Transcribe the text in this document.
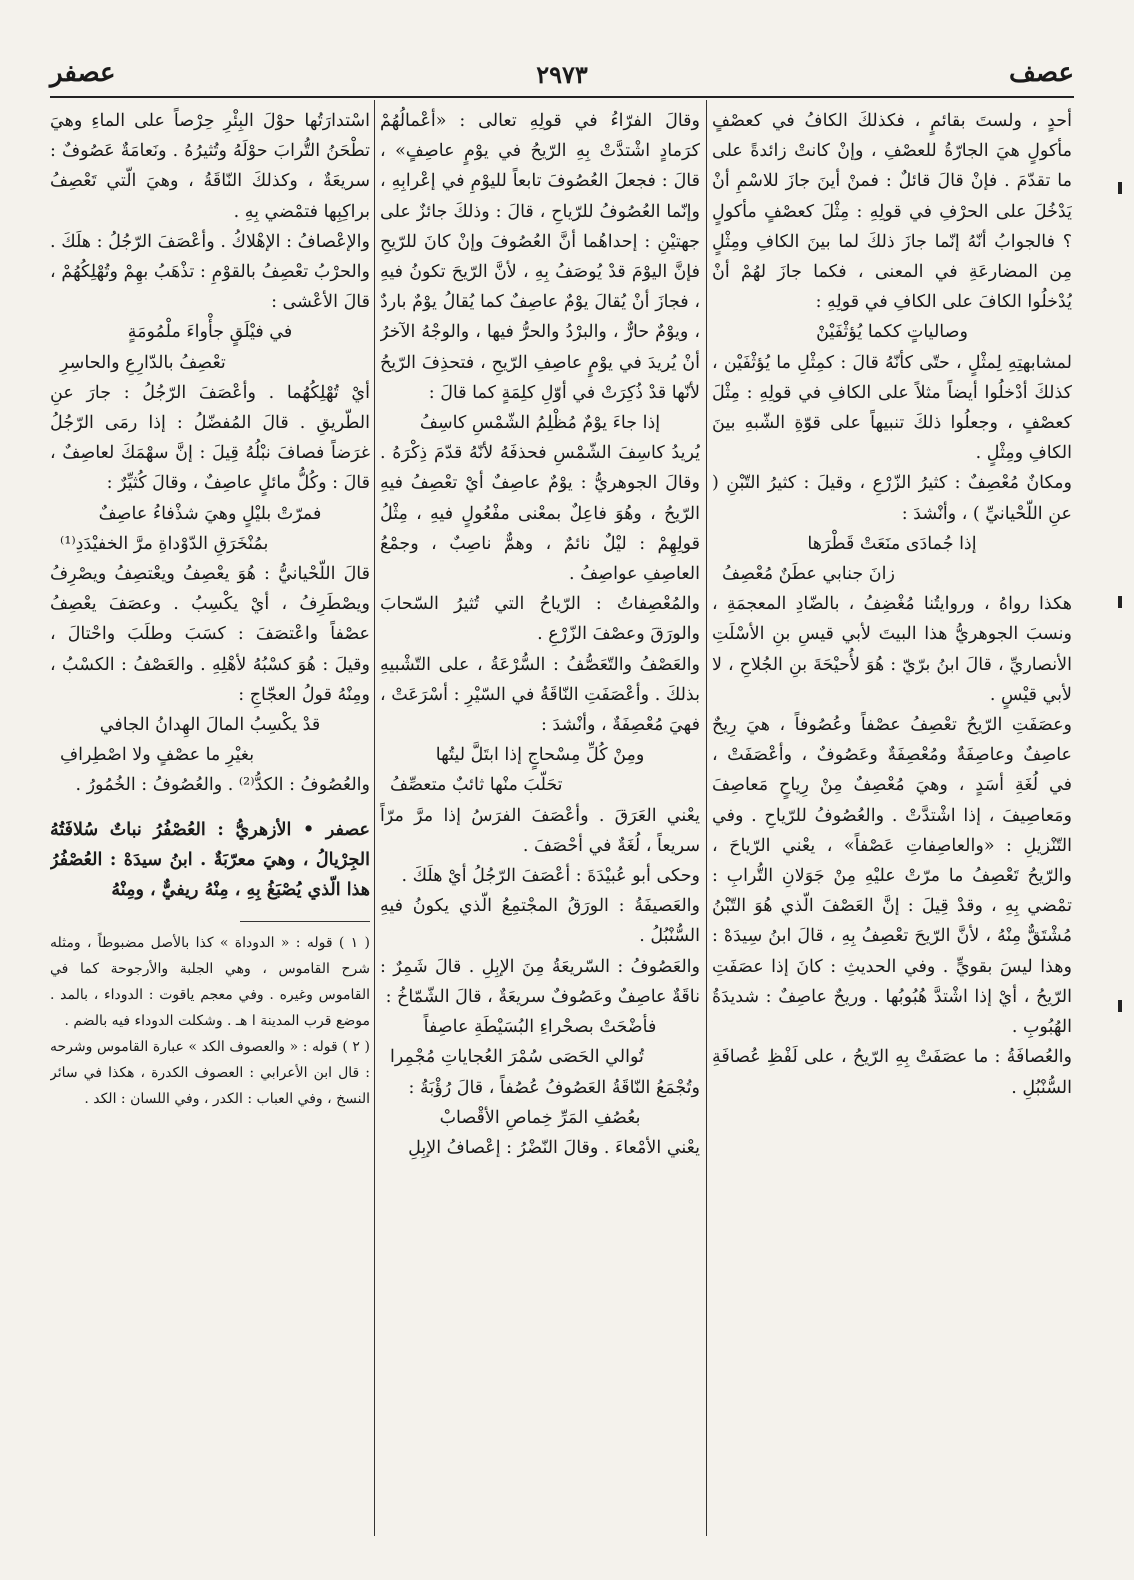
عصف
٢٩٧٣
عصفر

أحدٍ ، ولستَ بقائمٍ ، فكذلكَ الكافُ في كعصْفٍ مأكولٍ هيَ الجارّةُ للعصْفِ ، وإنْ كانتْ زائدةً على ما تقدّمَ . فإنْ قالَ قائلٌ : فمنْ أينَ جازَ للاسْمِ أنْ يَدْخُلَ على الحرْفِ في قولِهِ : مِثْلَ كعصْفٍ مأكولٍ ؟ فالجوابُ أنّهُ إنّما جازَ ذلكَ لما بينَ الكافِ ومِثْلٍ مِن المضارعَةِ في المعنى ، فكما جازَ لهُمْ أنْ يُدْخلُوا الكافَ على الكافِ في قولِهِ :

وصالياتٍ ككما يُؤثْفَيْنْ

لمشابهتِهِ لِمثْلٍ ، حتّى كأنّهُ قالَ : كمِثْلِ ما يُؤثْفَيْن ، كذلكَ أدْخلُوا أيضاً مثلاً على الكافِ في قولِهِ : مِثْلَ كعصْفٍ ، وجعلُوا ذلكَ تنبيهاً على قوّةِ الشّبهِ بينَ الكافِ ومِثْلٍ .

ومكانٌ مُعْصِفٌ : كثيرُ الزّرْعِ ، وقيلَ : كثيرُ التّبْنِ ( عنِ اللّحْيانيِّ ) ، وأنْشدَ :

إذا جُمادَى منَعَتْ قَطْرَها

زانَ جنابي عطَنٌ مُعْصِفُ

هكذا رواهُ ، وروايتُنا مُغْضِفُ ، بالضّادِ المعجمَةِ ، ونسبَ الجوهريُّ هذا البيتَ لأبي قيسِ بنِ الأسْلَتِ الأنصاريِّ ، قالَ ابنُ برّيّ : هُوَ لأُحيْحَةَ بنِ الجُلاحِ ، لا لأبي قيْسٍ .

وعصَفَتِ الرّيحُ تعْصِفُ عصْفاً وعُصُوفاً ، هيَ رِيحٌ عاصِفٌ وعاصِفَةٌ ومُعْصِفَةٌ وعَصُوفٌ ، وأعْصَفَتْ ، في لُغَةِ أسَدٍ ، وهيَ مُعْصِفٌ مِنْ رِياحٍ مَعاصِفَ ومَعاصِيفَ ، إذا اشْتدَّتْ . والعُصُوفُ للرّياحِ . وفي التّنْزيلِ : «والعاصِفاتِ عَصْفاً» ، يعْني الرّياحَ ، والرّيحُ تَعْصِفُ ما مرّتْ عليْهِ مِنْ جَوَلانِ التُّرابِ : تمْضي بِهِ ، وقدْ قِيلَ : إنَّ العَصْفَ الّذي هُوَ التّبْنُ مُشْتَقٌّ مِنْهُ ، لأنَّ الرّيحَ تعْصِفُ بِهِ ، قالَ ابنُ سِيدَهْ : وهذا ليسَ بقويٍّ . وفي الحديثِ : كانَ إذا عصَفَتِ الرّيحُ ، أيْ إذا اشْتدَّ هُبُوبُها . وريحٌ عاصِفٌ : شديدَةُ الهُبُوبِ .

والعُصافَةُ : ما عصَفَتْ بِهِ الرّيحُ ، على لَفْظِ عُصافَةِ السُّنْبُلِ .

وقالَ الفرّاءُ في قولِهِ تعالى : «أعْمالُهُمْ كرَمادٍ اشْتدَّتْ بِهِ الرّيحُ في يوْمٍ عاصِفٍ» ، قالَ : فجعلَ العُصُوفَ تابعاً لليوْمِ في إعْرابِهِ ، وإنّما العُصُوفُ للرّياحِ ، قالَ : وذلكَ جائزٌ على جهتيْنِ : إحداهُما أنَّ العُصُوفَ وإنْ كانَ للرّيحِ فإنَّ اليوْمَ قدْ يُوصَفُ بِهِ ، لأنَّ الرّيحَ تكونُ فيهِ ، فجازَ أنْ يُقالَ يوْمٌ عاصِفٌ كما يُقالُ يوْمٌ باردٌ ، ويوْمٌ حارٌّ ، والبرْدُ والحرُّ فيها ، والوجْهُ الآخرُ أنْ يُريدَ في يوْمٍ عاصِفِ الرّيحِ ، فتحذِفَ الرّيحُ لأنّها قدْ ذُكِرَتْ في أوّلِ كلِمَةٍ كما قالَ :

إذا جاءَ يوْمٌ مُظْلِمُ الشّمْسِ كاسِفُ

يُريدُ كاسِفَ الشّمْسِ فحذفَهُ لأنّهُ قدّمَ ذِكْرَهُ . وقالَ الجوهريُّ : يوْمٌ عاصِفٌ أيْ تعْصِفُ فيهِ الرّيحُ ، وهُوَ فاعِلٌ بمعْنى مفْعُولٍ فيهِ ، مِثْلُ قولِهِمْ : ليْلٌ نائمٌ ، وهمٌّ ناصِبٌ ، وجمْعُ العاصِفِ عواصِفُ .

والمُعْصِفاتُ : الرّياحُ التي تُثيرُ السّحابَ والورَقَ وعصْفَ الزّرْعِ .

والعَصْفُ والتّعَصُّفُ : السُّرْعَةُ ، على التّشْبيهِ بذلكَ . وأعْصَفَتِ النّاقَةُ في السّيْرِ : أسْرَعَتْ ، فهيَ مُعْصِفَةٌ ، وأنْشدَ :

ومِنْ كُلِّ مِسْحاجٍ إذا ابتَلَّ ليتُها

تحَلّبَ منْها ثائبٌ متعصِّفُ

يعْني العَرَقَ . وأعْصَفَ الفرَسُ إذا مرَّ مرّاً سريعاً ، لُغَةٌ في أحْصَفَ .

وحكى أبو عُبيْدَةَ : أعْصَفَ الرّجُلُ أيْ هلَكَ .

والعَصيفَةُ : الورَقُ المجْتمِعُ الّذي يكونُ فيهِ السُّنْبُلُ .

والعَصُوفُ : السّريعَةُ مِنَ الإبِلِ . قالَ شَمِرٌ : ناقَةٌ عاصِفٌ وعَصُوفٌ سريعَةٌ ، قالَ الشّمّاخُ :

فأضْحَتْ بصحْراءِ البُسَيْطَةِ عاصِفاً

تُوالي الحَصَى سُمْرَ العُجاياتِ مُجْمِرا

وتُجْمَعُ النّاقَةُ العَصُوفُ عُصُفاً ، قالَ رُؤْبَةُ :

بعُصُفِ المَرِّ خِماصِ الأقْصابْ

يعْني الأمْعاءَ . وقالَ النّضْرُ : إعْصافُ الإبِلِ

اسْتدارَتُها حوْلَ البِئْرِ حِرْصاً على الماءِ وهيَ تطْحَنُ التُّرابَ حوْلَهُ وتُثيرُهُ . ونَعامَةٌ عَصُوفٌ : سريعَةٌ ، وكذلكَ النّاقَةُ ، وهيَ الّتي تَعْصِفُ براكِبِها فتمْضي بِهِ .

والإعْصافُ : الإهْلاكُ . وأعْصَفَ الرّجُلُ : هلَكَ . والحرْبُ تعْصِفُ بالقوْمِ : تذْهَبُ بهِمْ وتُهْلِكُهُمْ ، قالَ الأعْشى :

في فيْلَقٍ جأْواءَ ملْمُومَةٍ

تعْصِفُ بالدّارِعِ والحاسِرِ

أيْ تُهْلِكُهُما . وأعْصَفَ الرّجُلُ : جارَ عنِ الطّريقِ . قالَ المُفضّلُ : إذا رمَى الرّجُلُ غرَضاً فصافَ نبْلُهُ قِيلَ : إنَّ سهْمَكَ لعاصِفٌ ، قالَ : وكُلُّ مائلٍ عاصِفٌ ، وقالَ كُثيِّرٌ :

فمرّتْ بليْلٍ وهيَ شذْفاءُ عاصِفٌ

بمُنْخَرَقِ الدّوْداةِ مرَّ الخفيْدَدِ⁽¹⁾

قالَ اللّحْيانيُّ : هُوَ يعْصِفُ ويعْتصِفُ ويصْرِفُ ويصْطَرِفُ ، أيْ يكْسِبُ . وعصَفَ يعْصِفُ عصْفاً واعْتصَفَ : كسَبَ وطلَبَ واحْتالَ ، وقيلَ : هُوَ كسْبُهُ لأهْلِهِ . والعَصْفُ : الكسْبُ ، ومِنْهُ قولُ العجّاجِ :

قدْ يكْسِبُ المالَ الهِدانُ الجافي

بغيْرِ ما عصْفٍ ولا اصْطِرافِ

والعُصُوفُ : الكدُّ⁽²⁾ . والعُصُوفُ : الخُمُورُ .

عصفر • الأزهريُّ : العُصْفُرُ نباتٌ سُلافَتُهُ الجِرْيالُ ، وهيَ معرّبَةٌ . ابنُ سيدَهْ : العُصْفُرُ هذا الّذي يُصْبَغُ بِهِ ، مِنْهُ ريفيٌّ ، ومِنْهُ

( ١ ) قوله : « الدوداة » كذا بالأصل مضبوطاً ، ومثله شرح القاموس ، وهي الجلبة والأرجوحة كما في القاموس وغيره . وفي معجم ياقوت : الدوداء ، بالمد . موضع قرب المدينة ا هـ . وشكلت الدوداء فيه بالضم .

( ٢ ) قوله : « والعصوف الكد » عبارة القاموس وشرحه : قال ابن الأعرابي : العصوف الكدرة ، هكذا في سائر النسخ ، وفي العباب : الكدر ، وفي اللسان : الكد .
